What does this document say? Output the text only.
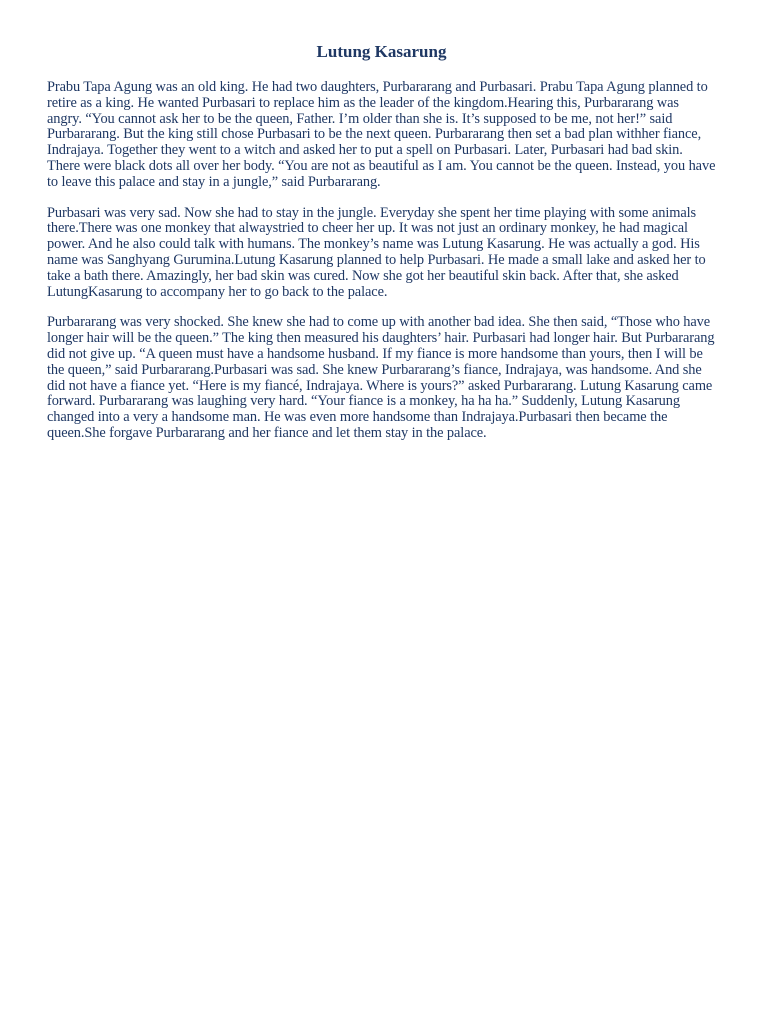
Lutung Kasarung

Prabu Tapa Agung was an old king. He had two daughters, Purbararang and Purbasari. Prabu Tapa Agung planned to retire as a king. He wanted Purbasari to replace him as the leader of the kingdom.Hearing this, Purbararang was angry. “You cannot ask her to be the queen, Father. I’m older than she is. It’s supposed to be me, not her!” said Purbararang. But the king still chose Purbasari to be the next queen. Purbararang then set a bad plan withher fiance, Indrajaya. Together they went to a witch and asked her to put a spell on Purbasari. Later, Purbasari had bad skin. There were black dots all over her body. “You are not as beautiful as I am. You cannot be the queen. Instead, you have to leave this palace and stay in a jungle,” said Purbararang.

Purbasari was very sad. Now she had to stay in the jungle. Everyday she spent her time playing with some animals there.There was one monkey that alwaystried to cheer her up. It was not just an ordinary monkey, he had magical power. And he also could talk with humans. The monkey’s name was Lutung Kasarung. He was actually a god. His name was Sanghyang Gurumina.Lutung Kasarung planned to help Purbasari. He made a small lake and asked her to take a bath there. Amazingly, her bad skin was cured. Now she got her beautiful skin back. After that, she asked LutungKasarung to accompany her to go back to the palace.

Purbararang was very shocked. She knew she had to come up with another bad idea. She then said, “Those who have longer hair will be the queen.” The king then measured his daughters’ hair. Purbasari had longer hair. But Purbararang did not give up. “A queen must have a handsome husband. If my fiance is more handsome than yours, then I will be the queen,” said Purbararang.Purbasari was sad. She knew Purbararang’s fiance, Indrajaya, was handsome. And she did not have a fiance yet. “Here is my fiancé, Indrajaya. Where is yours?” asked Purbararang. Lutung Kasarung came forward. Purbararang was laughing very hard. “Your fiance is a monkey, ha ha ha.” Suddenly, Lutung Kasarung changed into a very a handsome man. He was even more handsome than Indrajaya.Purbasari then became the queen.She forgave Purbararang and her fiance and let them stay in the palace.
